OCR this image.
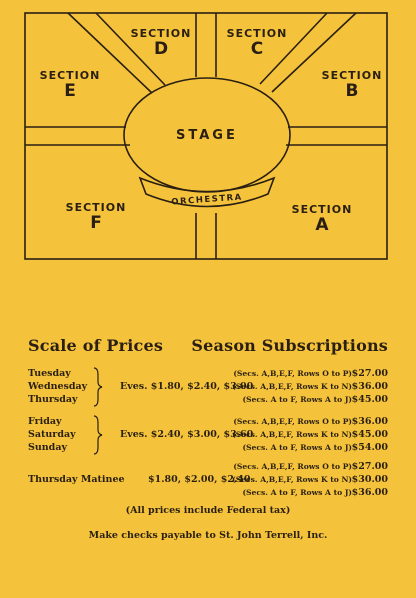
ORCHESTRA
STAGE
SECTION
D
SECTION
C
SECTION
E
SECTION
B
SECTION
F
SECTION
A
Scale of Prices Season Subscriptions
Tuesday
Wednesday
Thursday
Eves. $1.80, $2.40, $3.00
(Secs. A,B,E,F, Rows O to P)
(Secs. A,B,E,F, Rows K to N)
(Secs. A to F, Rows A to J)
$27.00
$36.00
$45.00
Friday
Saturday
Sunday
Eves. $2.40, $3.00, $3.60
(Secs. A,B,E,F, Rows O to P)
(Secs. A,B,E,F, Rows K to N)
(Secs. A to F, Rows A to J)
$36.00
$45.00
$54.00
Thursday Matinee $1.80, $2.00, $2.40
(Secs. A,B,E,F, Rows O to P)
(Secs. A,B,E,F, Rows K to N)
(Secs. A to F, Rows A to J)
$27.00
$30.00
$36.00
(All prices include Federal tax)
Make checks payable to St. John Terrell, Inc.
